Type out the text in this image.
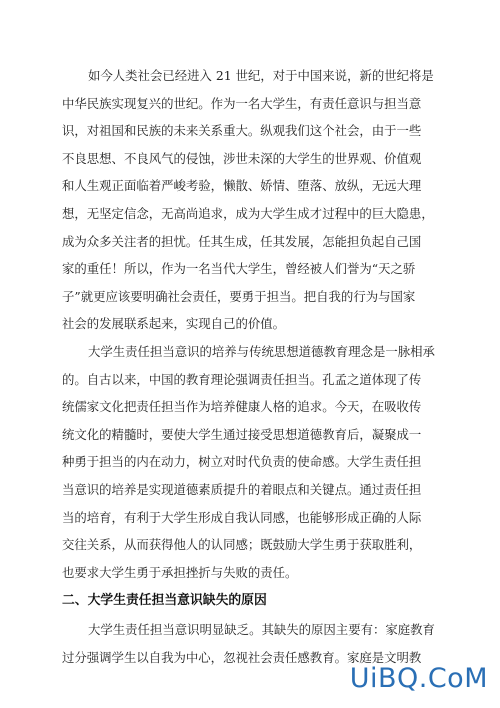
如今人类社会已经进入 21 世纪，对于中国来说，新的世纪将是
中华民族实现复兴的世纪。作为一名大学生，有责任意识与担当意
识，对祖国和民族的未来关系重大。纵观我们这个社会，由于一些
不良思想、不良风气的侵蚀，涉世未深的大学生的世界观、价值观
和人生观正面临着严峻考验，懒散、娇情、堕落、放纵，无远大理
想，无坚定信念，无高尚追求，成为大学生成才过程中的巨大隐患，
成为众多关注者的担忧。任其生成，任其发展，怎能担负起自己国
家的重任！所以，作为一名当代大学生，曾经被人们誉为“天之骄
子”就更应该要明确社会责任，要勇于担当。把自我的行为与国家
社会的发展联系起来，实现自己的价值。

大学生责任担当意识的培养与传统思想道德教育理念是一脉相承
的。自古以来，中国的教育理论强调责任担当。孔孟之道体现了传
统儒家文化把责任担当作为培养健康人格的追求。今天，在吸收传
统文化的精髓时，要使大学生通过接受思想道德教育后，凝聚成一
种勇于担当的内在动力，树立对时代负责的使命感。大学生责任担
当意识的培养是实现道德素质提升的着眼点和关键点。通过责任担
当的培育，有利于大学生形成自我认同感，也能够形成正确的人际
交往关系，从而获得他人的认同感；既鼓励大学生勇于获取胜利，
也要求大学生勇于承担挫折与失败的责任。

二、大学生责任担当意识缺失的原因

大学生责任担当意识明显缺乏。其缺失的原因主要有：家庭教育
过分强调学生以自我为中心，忽视社会责任感教育。家庭是文明教

UiBQ.CoM
